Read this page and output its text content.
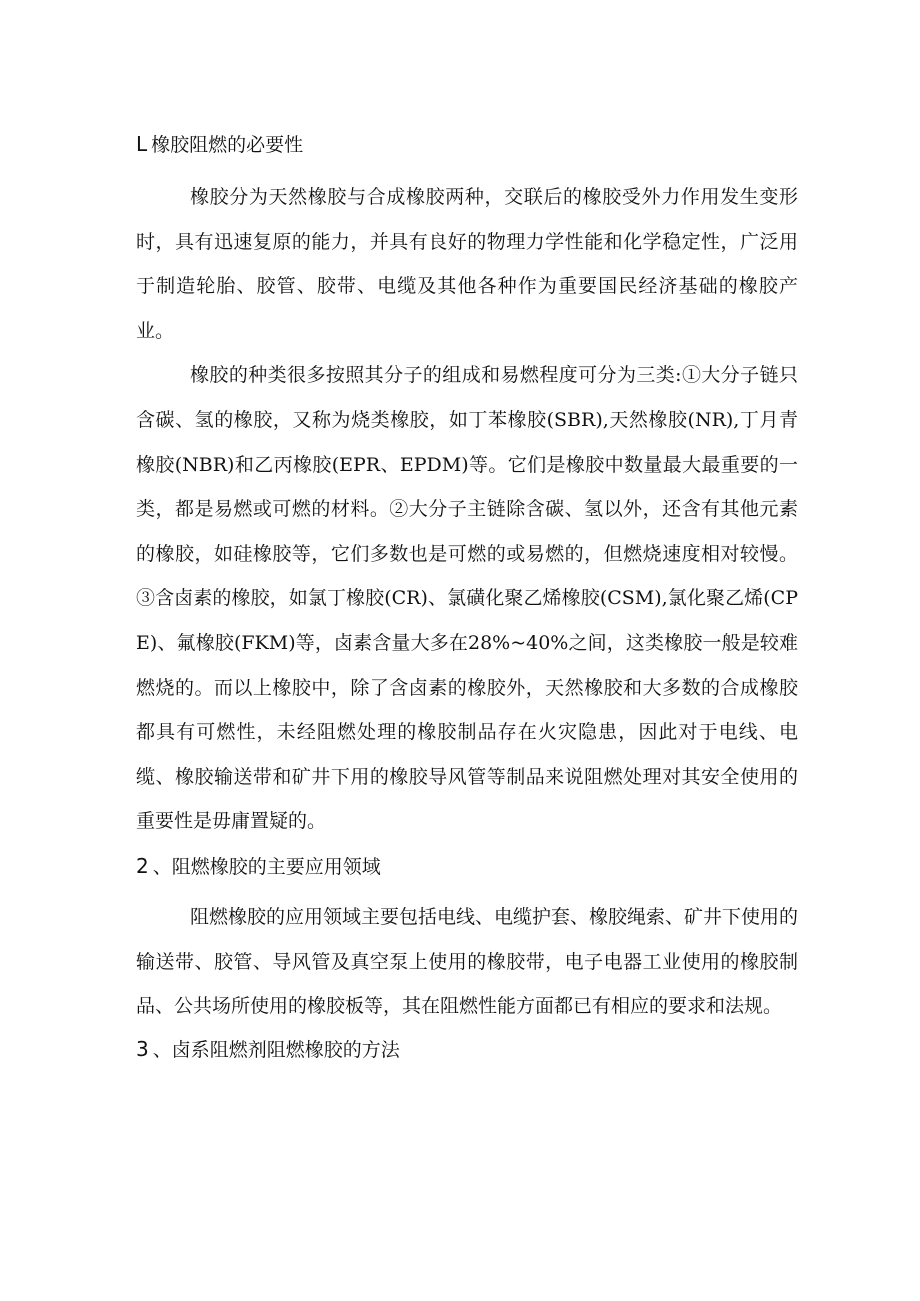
L 橡胶阻燃的必要性

橡胶分为天然橡胶与合成橡胶两种，交联后的橡胶受外力作用发生变形时，具有迅速复原的能力，并具有良好的物理力学性能和化学稳定性，广泛用于制造轮胎、胶管、胶带、电缆及其他各种作为重要国民经济基础的橡胶产业。

橡胶的种类很多按照其分子的组成和易燃程度可分为三类:①大分子链只含碳、氢的橡胶，又称为烧类橡胶，如丁苯橡胶(SBR),天然橡胶(NR),丁月青橡胶(NBR)和乙丙橡胶(EPR、EPDM)等。它们是橡胶中数量最大最重要的一类，都是易燃或可燃的材料。②大分子主链除含碳、氢以外，还含有其他元素的橡胶，如硅橡胶等，它们多数也是可燃的或易燃的，但燃烧速度相对较慢。③含卤素的橡胶，如氯丁橡胶(CR)、氯磺化聚乙烯橡胶(CSM),氯化聚乙烯(CPE)、氟橡胶(FKM)等，卤素含量大多在28%~40%之间，这类橡胶一般是较难燃烧的。而以上橡胶中，除了含卤素的橡胶外，天然橡胶和大多数的合成橡胶都具有可燃性，未经阻燃处理的橡胶制品存在火灾隐患，因此对于电线、电缆、橡胶输送带和矿井下用的橡胶导风管等制品来说阻燃处理对其安全使用的重要性是毋庸置疑的。

2 、阻燃橡胶的主要应用领域

阻燃橡胶的应用领域主要包括电线、电缆护套、橡胶绳索、矿井下使用的输送带、胶管、导风管及真空泵上使用的橡胶带，电子电器工业使用的橡胶制品、公共场所使用的橡胶板等，其在阻燃性能方面都已有相应的要求和法规。

3 、卤系阻燃剂阻燃橡胶的方法
